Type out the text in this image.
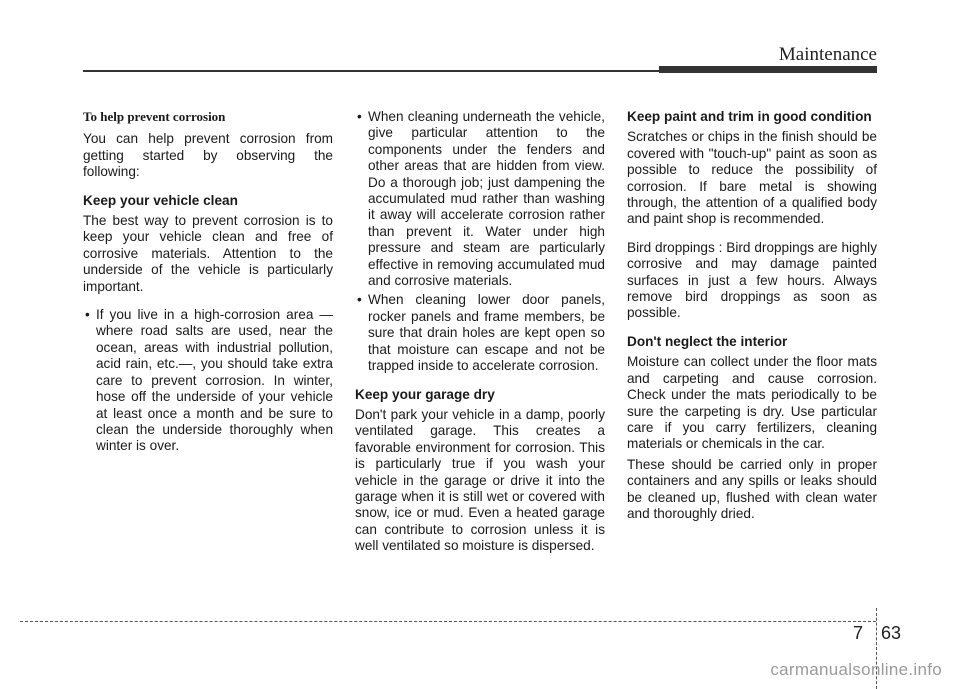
Maintenance
To help prevent corrosion

You can help prevent corrosion from getting started by observing the following:

Keep your vehicle clean

The best way to prevent corrosion is to keep your vehicle clean and free of corrosive materials. Attention to the underside of the vehicle is particularly important.

• If you live in a high-corrosion area — where road salts are used, near the ocean, areas with industrial pollution, acid rain, etc.—, you should take extra care to prevent corrosion. In winter, hose off the underside of your vehicle at least once a month and be sure to clean the underside thoroughly when winter is over.
• When cleaning underneath the vehicle, give particular attention to the components under the fenders and other areas that are hidden from view. Do a thorough job; just dampening the accumulated mud rather than washing it away will accelerate corrosion rather than prevent it. Water under high pressure and steam are particularly effective in removing accumulated mud and corrosive materials.
• When cleaning lower door panels, rocker panels and frame members, be sure that drain holes are kept open so that moisture can escape and not be trapped inside to accelerate corrosion.
Keep your garage dry

Don't park your vehicle in a damp, poorly ventilated garage. This creates a favorable environment for corrosion. This is particularly true if you wash your vehicle in the garage or drive it into the garage when it is still wet or covered with snow, ice or mud. Even a heated garage can contribute to corrosion unless it is well ventilated so moisture is dispersed.

Keep paint and trim in good condition

Scratches or chips in the finish should be covered with "touch-up" paint as soon as possible to reduce the possibility of corrosion. If bare metal is showing through, the attention of a qualified body and paint shop is recommended.

Bird droppings : Bird droppings are highly corrosive and may damage painted surfaces in just a few hours. Always remove bird droppings as soon as possible.

Don't neglect the interior

Moisture can collect under the floor mats and carpeting and cause corrosion. Check under the mats periodically to be sure the carpeting is dry. Use particular care if you carry fertilizers, cleaning materials or chemicals in the car.

These should be carried only in proper containers and any spills or leaks should be cleaned up, flushed with clean water and thoroughly dried.

7 63
carmanualsonline.info
